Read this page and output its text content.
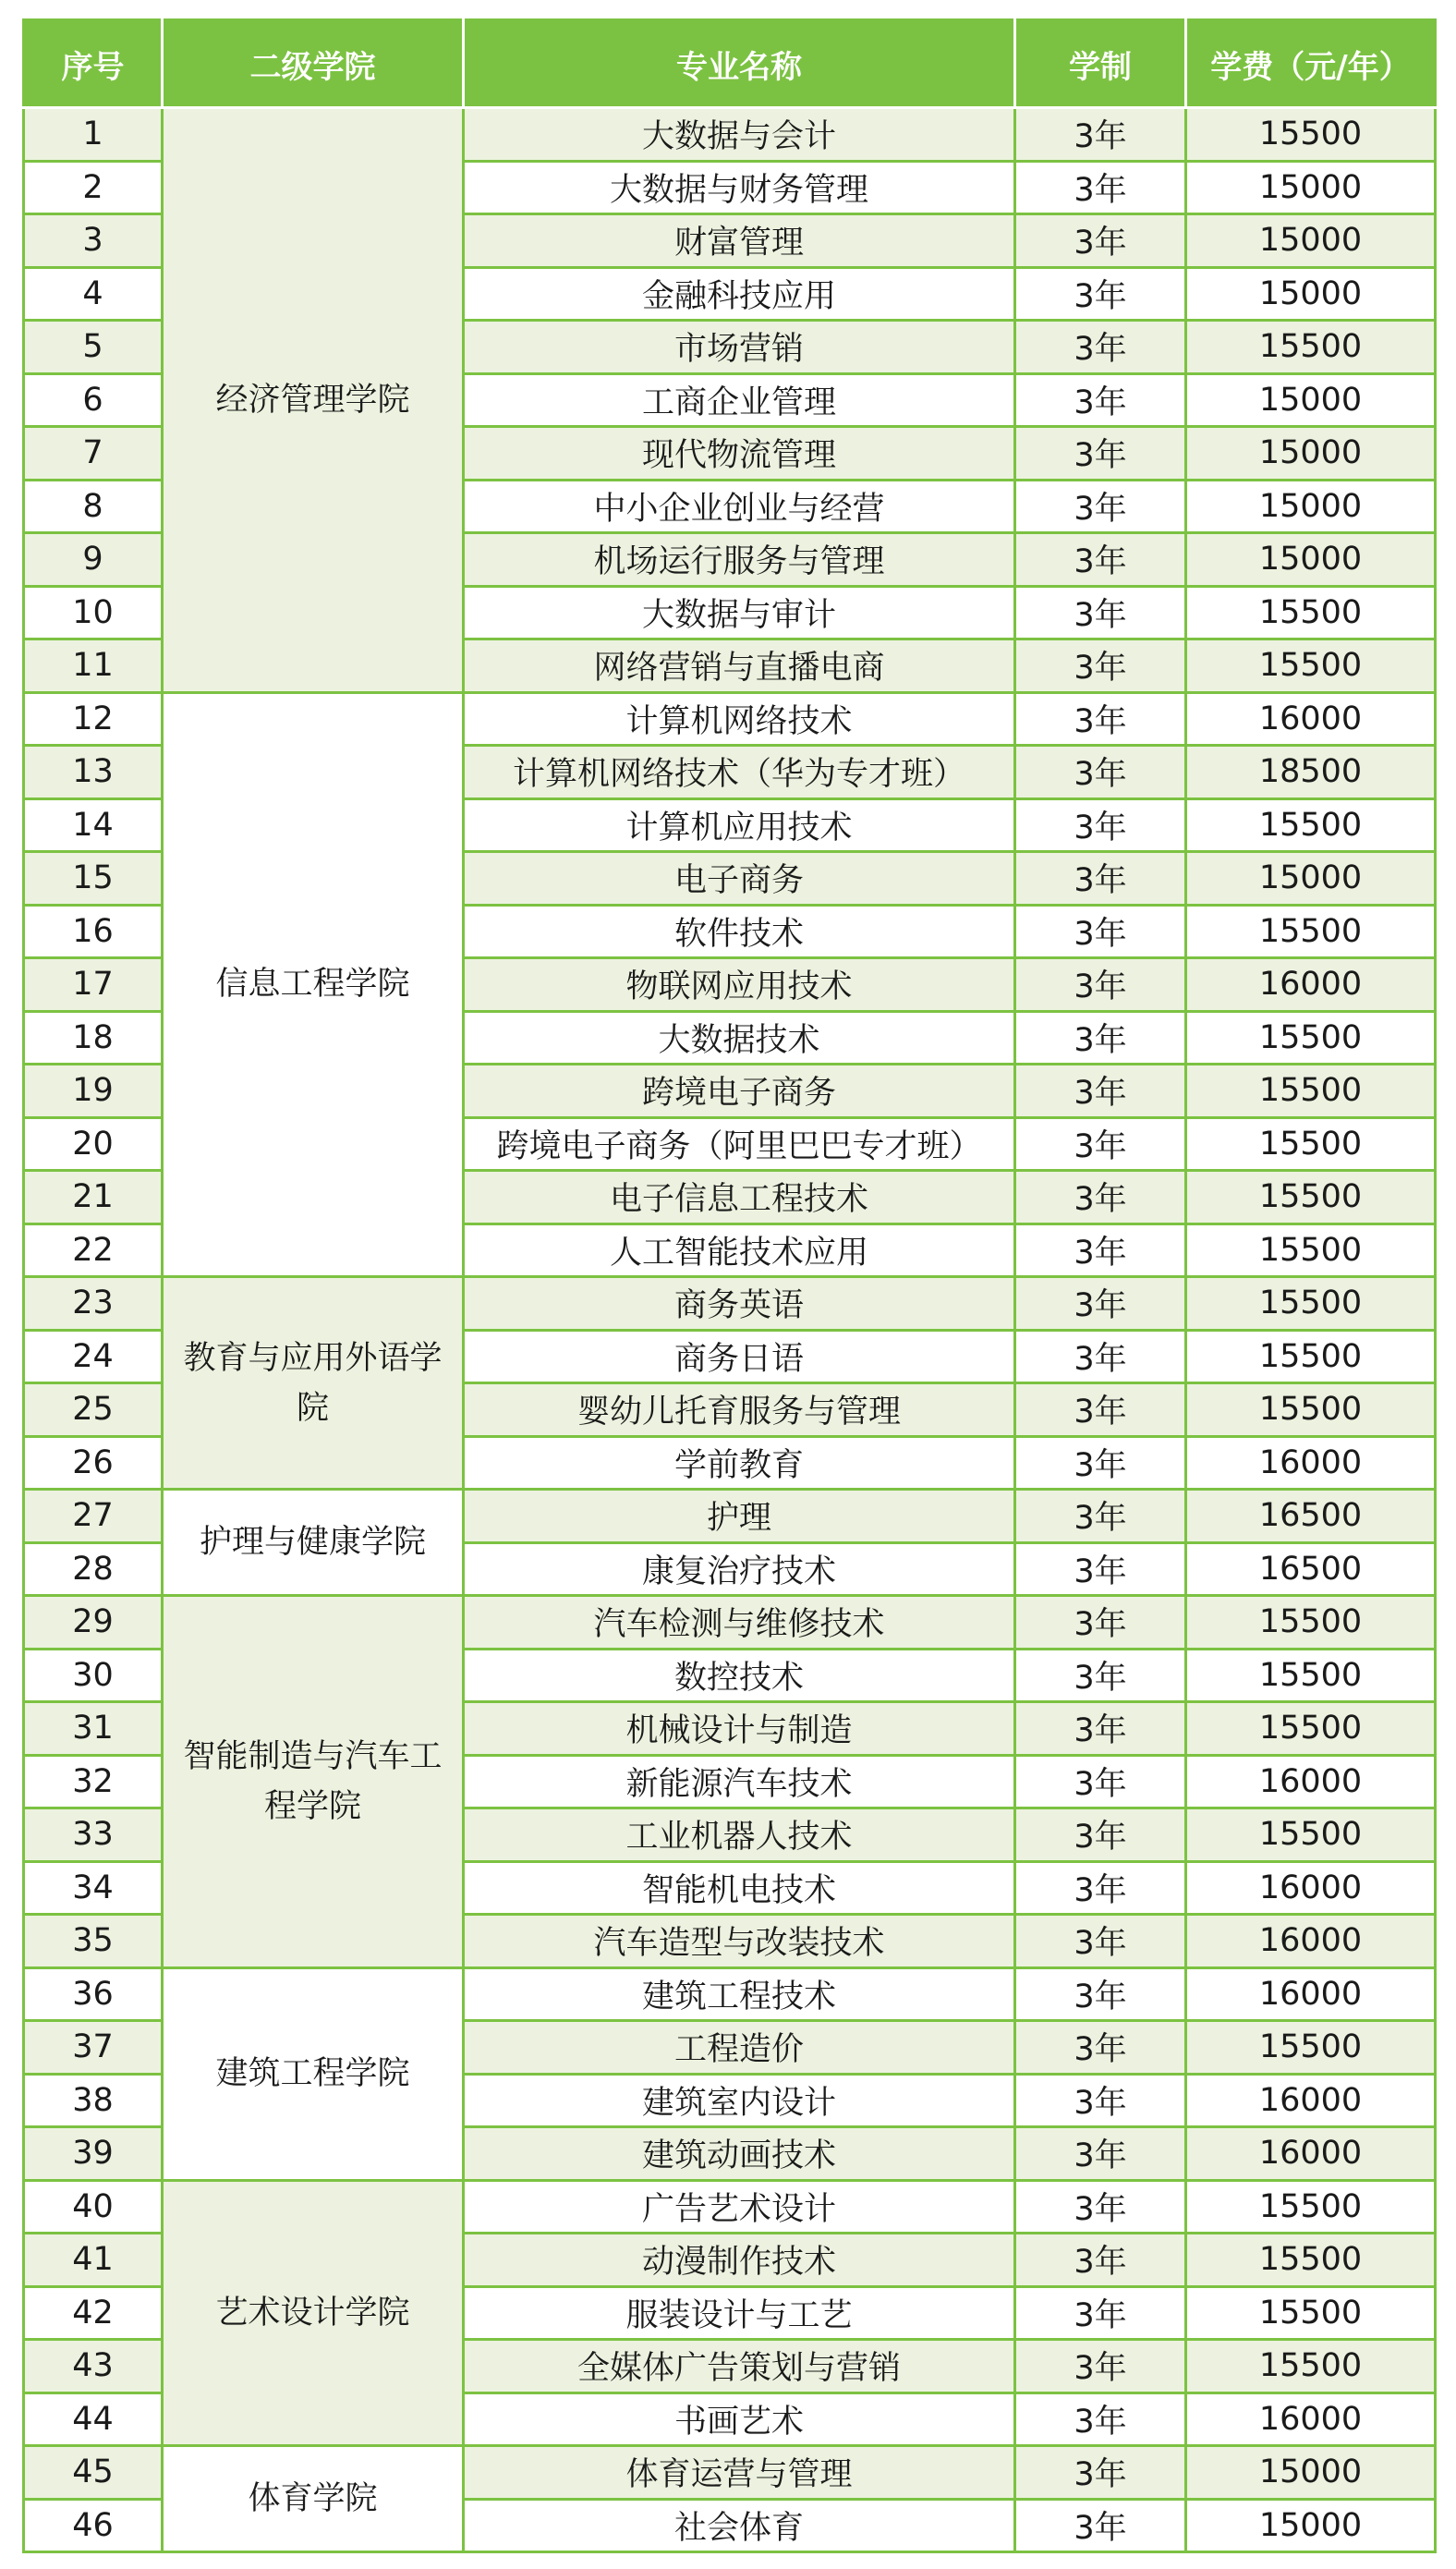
序号	二级学院	专业名称	学制	学费（元/年）
1	经济管理学院	大数据与会计	3年	15500
2		大数据与财务管理	3年	15000
3		财富管理	3年	15000
4		金融科技应用	3年	15000
5		市场营销	3年	15500
6		工商企业管理	3年	15000
7		现代物流管理	3年	15000
8		中小企业创业与经营	3年	15000
9		机场运行服务与管理	3年	15000
10		大数据与审计	3年	15500
11		网络营销与直播电商	3年	15500
12	信息工程学院	计算机网络技术	3年	16000
13		计算机网络技术（华为专才班）	3年	18500
14		计算机应用技术	3年	15500
15		电子商务	3年	15000
16		软件技术	3年	15500
17		物联网应用技术	3年	16000
18		大数据技术	3年	15500
19		跨境电子商务	3年	15500
20		跨境电子商务（阿里巴巴专才班）	3年	15500
21		电子信息工程技术	3年	15500
22		人工智能技术应用	3年	15500
23	教育与应用外语学院	商务英语	3年	15500
24		商务日语	3年	15500
25		婴幼儿托育服务与管理	3年	15500
26		学前教育	3年	16000
27	护理与健康学院	护理	3年	16500
28		康复治疗技术	3年	16500
29	智能制造与汽车工程学院	汽车检测与维修技术	3年	15500
30		数控技术	3年	15500
31		机械设计与制造	3年	15500
32		新能源汽车技术	3年	16000
33		工业机器人技术	3年	15500
34		智能机电技术	3年	16000
35		汽车造型与改装技术	3年	16000
36	建筑工程学院	建筑工程技术	3年	16000
37		工程造价	3年	15500
38		建筑室内设计	3年	16000
39		建筑动画技术	3年	16000
40	艺术设计学院	广告艺术设计	3年	15500
41		动漫制作技术	3年	15500
42		服装设计与工艺	3年	15500
43		全媒体广告策划与营销	3年	15500
44		书画艺术	3年	16000
45	体育学院	体育运营与管理	3年	15000
46		社会体育	3年	15000
